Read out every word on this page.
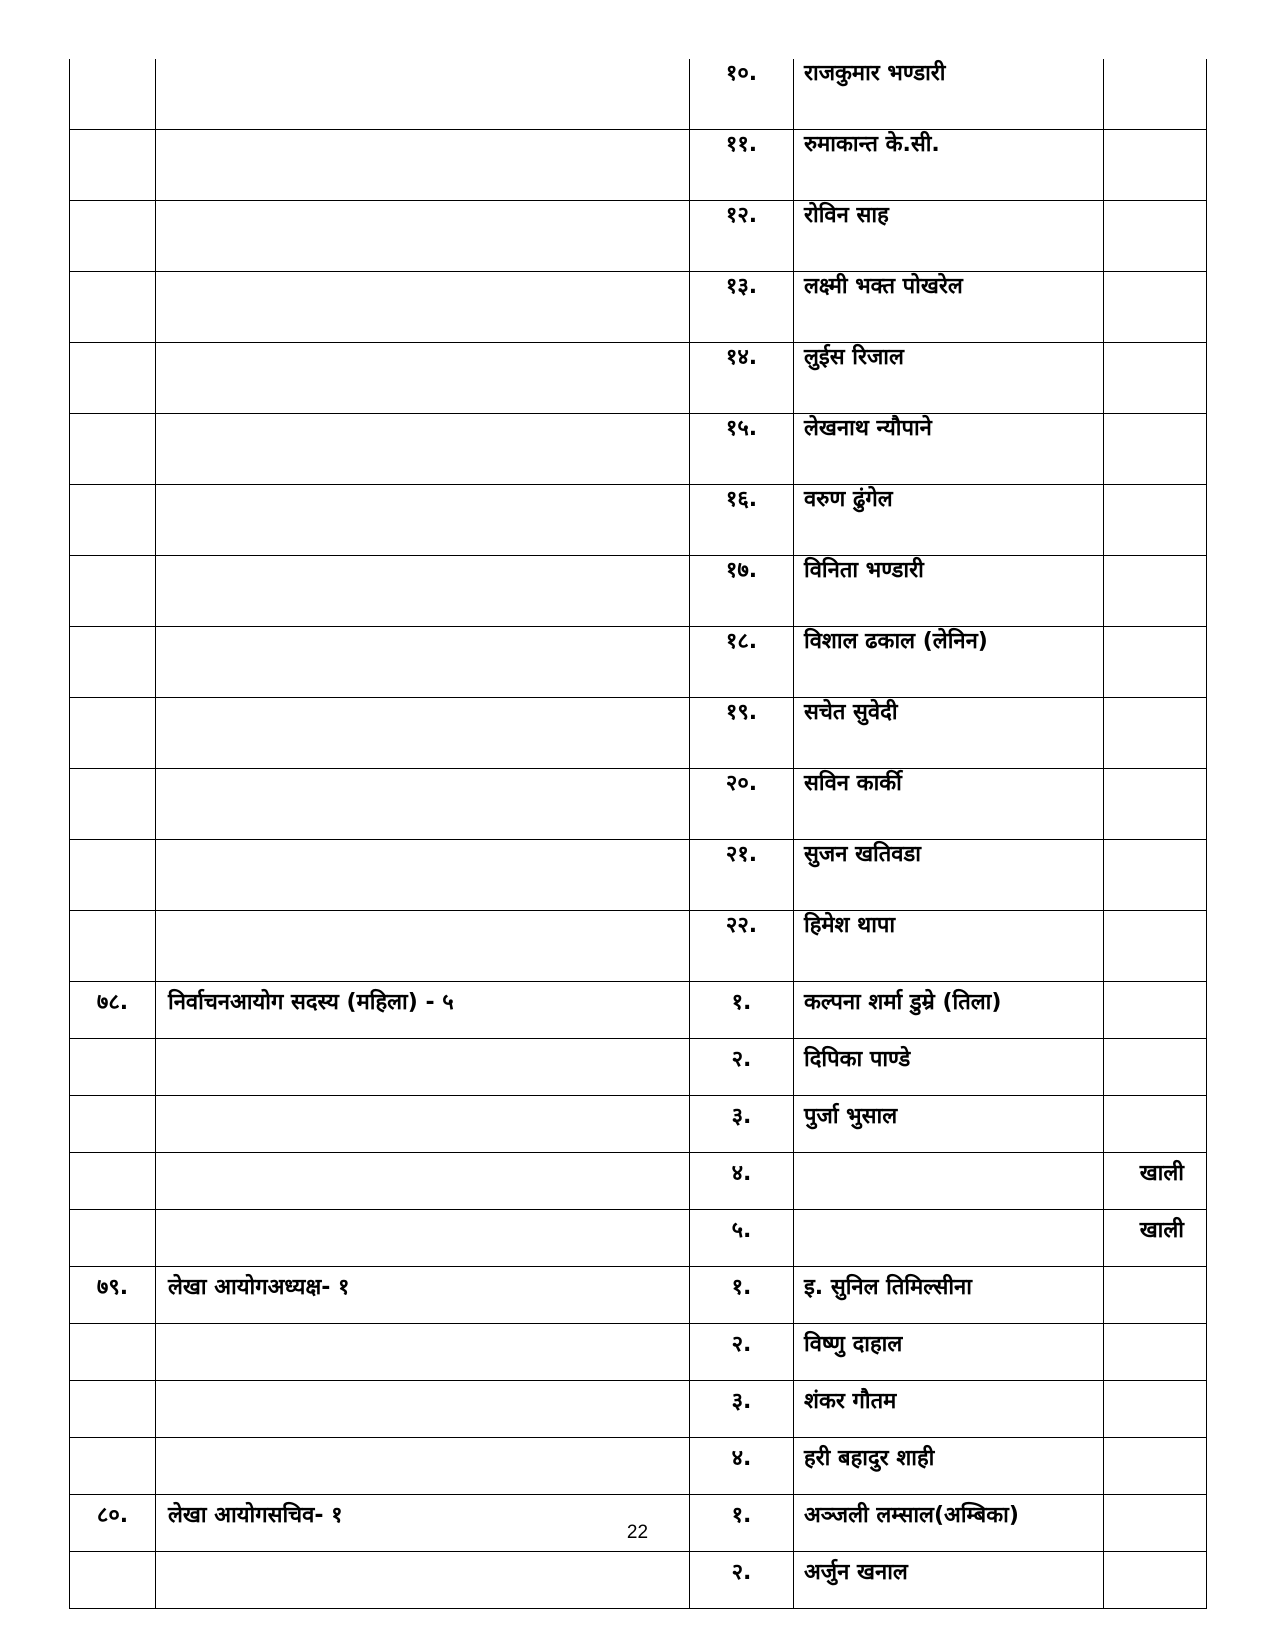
		१०.	राजकुमार भण्डारी	
		११.	रुमाकान्त के.सी.	
		१२.	रोविन साह	
		१३.	लक्ष्मी भक्त पोखरेल	
		१४.	लुईस रिजाल	
		१५.	लेखनाथ न्यौपाने	
		१६.	वरुण ढुंगेल	
		१७.	विनिता भण्डारी	
		१८.	विशाल ढकाल (लेनिन)	
		१९.	सचेत सुवेदी	
		२०.	सविन कार्की	
		२१.	सुजन खतिवडा	
		२२.	हिमेश थापा	
७८.	निर्वाचनआयोग सदस्य (महिला) - ५	१.	कल्पना शर्मा डुम्रे (तिला)	
		२.	दिपिका पाण्डे	
		३.	पुर्जा भुसाल	
		४.		खाली
		५.		खाली
७९.	लेखा आयोगअध्यक्ष- १	१.	इ. सुनिल तिमिल्सीना	
		२.	विष्णु दाहाल	
		३.	शंकर गौतम	
		४.	हरी बहादुर शाही	
८०.	लेखा आयोगसचिव- १	१.	अञ्जली लम्साल(अम्बिका)	
		२.	अर्जुन खनाल	
22
